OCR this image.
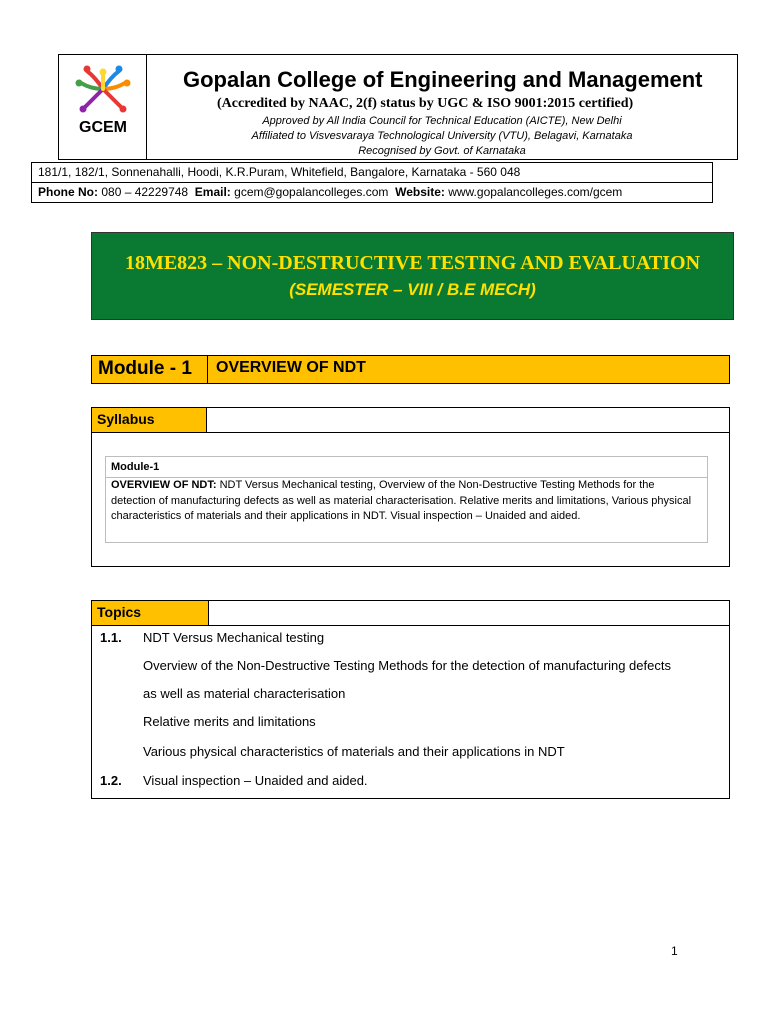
GCEM
Gopalan College of Engineering and Management
(Accredited by NAAC, 2(f) status by UGC & ISO 9001:2015 certified)
Approved by All India Council for Technical Education (AICTE), New Delhi
Affiliated to Visvesvaraya Technological University (VTU), Belagavi, Karnataka
Recognised by Govt. of Karnataka
181/1, 182/1, Sonnenahalli, Hoodi, K.R.Puram, Whitefield, Bangalore, Karnataka - 560 048
Phone No: 080 – 42229748 Email: gcem@gopalancolleges.com Website: www.gopalancolleges.com/gcem
18ME823 – NON-DESTRUCTIVE TESTING AND EVALUATION
(SEMESTER – VIII / B.E MECH)
Module - 1 OVERVIEW OF NDT
Syllabus
Module-1
OVERVIEW OF NDT: NDT Versus Mechanical testing, Overview of the Non-Destructive Testing Methods for the detection of manufacturing defects as well as material characterisation. Relative merits and limitations, Various physical characteristics of materials and their applications in NDT. Visual inspection – Unaided and aided.
Topics
1.1. NDT Versus Mechanical testing
Overview of the Non-Destructive Testing Methods for the detection of manufacturing defects
as well as material characterisation
Relative merits and limitations
Various physical characteristics of materials and their applications in NDT
1.2. Visual inspection – Unaided and aided.
1
